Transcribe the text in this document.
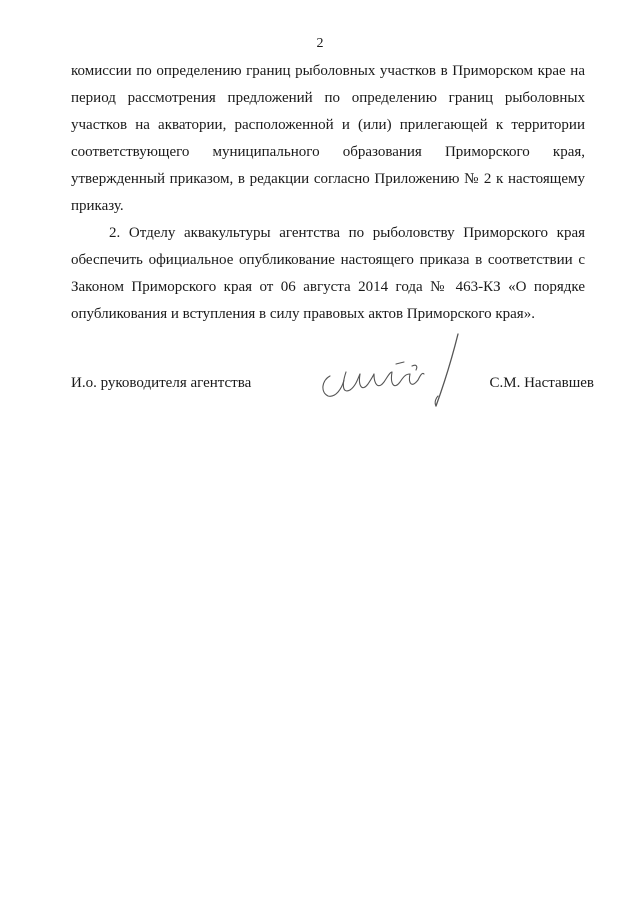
2
комиссии по определению границ рыболовных участков в Приморском крае на
период рассмотрения предложений по определению границ рыболовных
участков на акватории, расположенной и (или) прилегающей к территории
соответствующего муниципального образования Приморского края,
утвержденный приказом, в редакции согласно Приложению № 2 к настоящему
приказу.
2. Отделу аквакультуры агентства по рыболовству Приморского края
обеспечить официальное опубликование настоящего приказа в соответствии с
Законом Приморского края от 06 августа 2014 года № 463-КЗ «О порядке
опубликования и вступления в силу правовых актов Приморского края».
И.о. руководителя агентства	С.М. Наставшев
